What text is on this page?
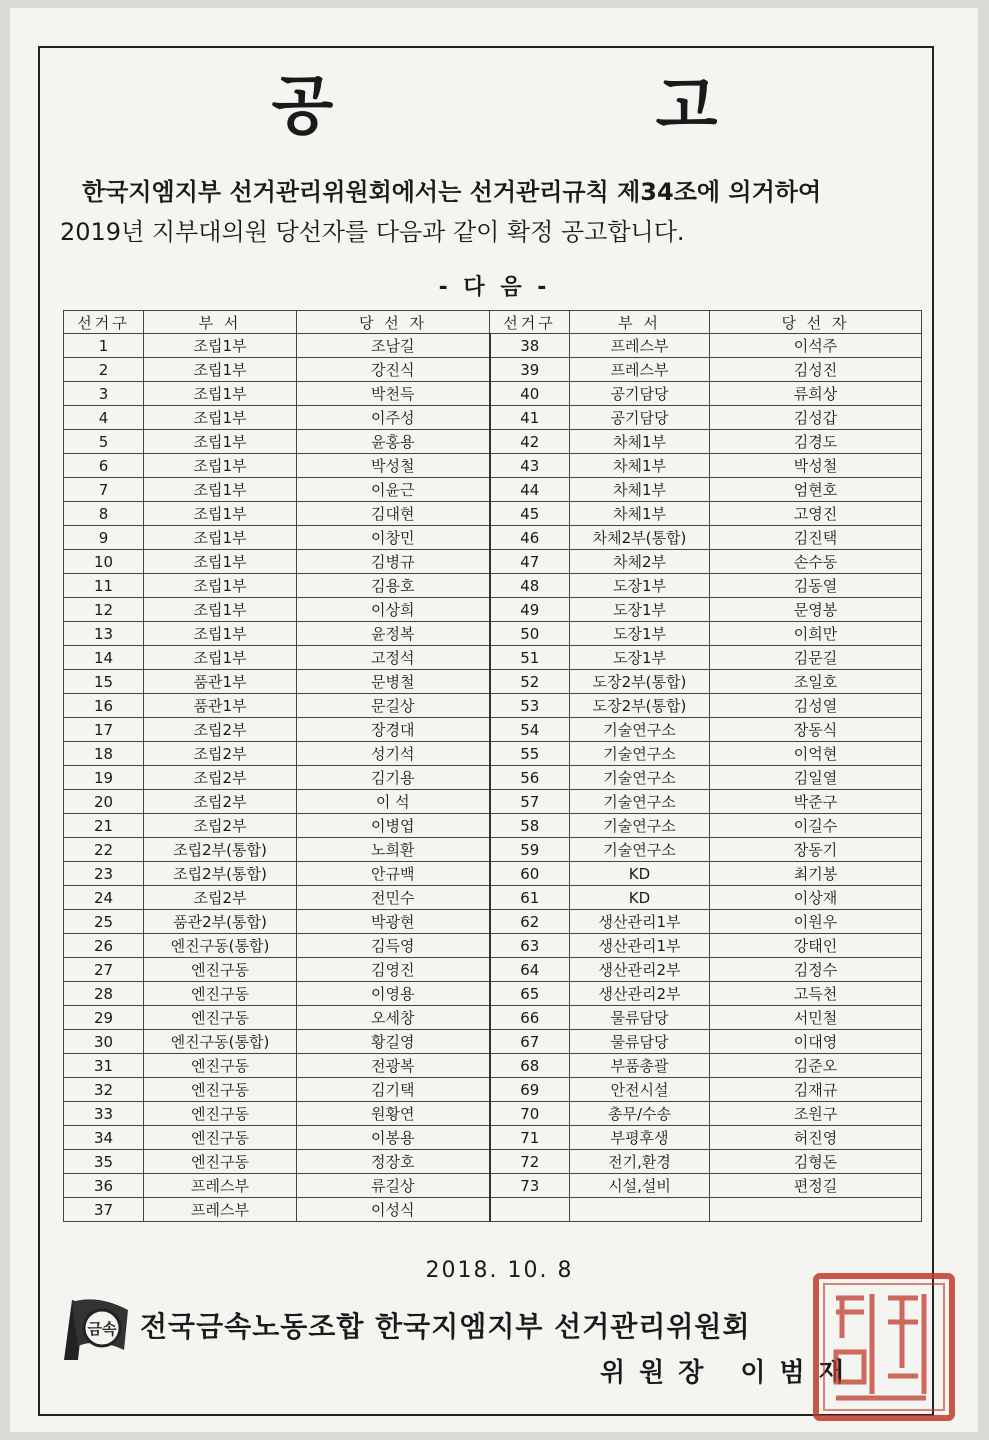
공 고
한국지엠지부 선거관리위원회에서는 선거관리규칙 제34조에 의거하여
2019년 지부대의원 당선자를 다음과 같이 확정 공고합니다.
- 다 음 -
선거구	부 서	당 선 자	선거구	부 서	당 선 자
1	조립1부	조남길	38	프레스부	이석주
2	조립1부	강진식	39	프레스부	김성진
3	조립1부	박천득	40	공기담당	류희상
4	조립1부	이주성	41	공기담당	김성갑
5	조립1부	윤홍용	42	차체1부	김경도
6	조립1부	박성철	43	차체1부	박성철
7	조립1부	이윤근	44	차체1부	엄현호
8	조립1부	김대현	45	차체1부	고영진
9	조립1부	이창민	46	차체2부(통합)	김진택
10	조립1부	김병규	47	차체2부	손수동
11	조립1부	김용호	48	도장1부	김동열
12	조립1부	이상희	49	도장1부	문영봉
13	조립1부	윤정복	50	도장1부	이희만
14	조립1부	고정석	51	도장1부	김문길
15	품관1부	문병철	52	도장2부(통합)	조일호
16	품관1부	문길상	53	도장2부(통합)	김성열
17	조립2부	장경대	54	기술연구소	장동식
18	조립2부	성기석	55	기술연구소	이억현
19	조립2부	김기용	56	기술연구소	김일열
20	조립2부	이 석	57	기술연구소	박준구
21	조립2부	이병엽	58	기술연구소	이길수
22	조립2부(통합)	노희환	59	기술연구소	장동기
23	조립2부(통합)	안규백	60	KD	최기봉
24	조립2부	전민수	61	KD	이상재
25	품관2부(통합)	박광현	62	생산관리1부	이원우
26	엔진구동(통합)	김득영	63	생산관리1부	강태인
27	엔진구동	김영진	64	생산관리2부	김정수
28	엔진구동	이영용	65	생산관리2부	고득천
29	엔진구동	오세창	66	물류담당	서민철
30	엔진구동(통합)	황길영	67	물류담당	이대영
31	엔진구동	전광복	68	부품총괄	김준오
32	엔진구동	김기택	69	안전시설	김재규
33	엔진구동	원황연	70	총무/수송	조원구
34	엔진구동	이봉용	71	부평후생	허진영
35	엔진구동	정장호	72	전기,환경	김형돈
36	프레스부	류길상	73	시설,설비	편정길
37	프레스부	이성식			
2018. 10. 8
금속 전국금속노동조합 한국지엠지부 선거관리위원회
위원장 이범재
